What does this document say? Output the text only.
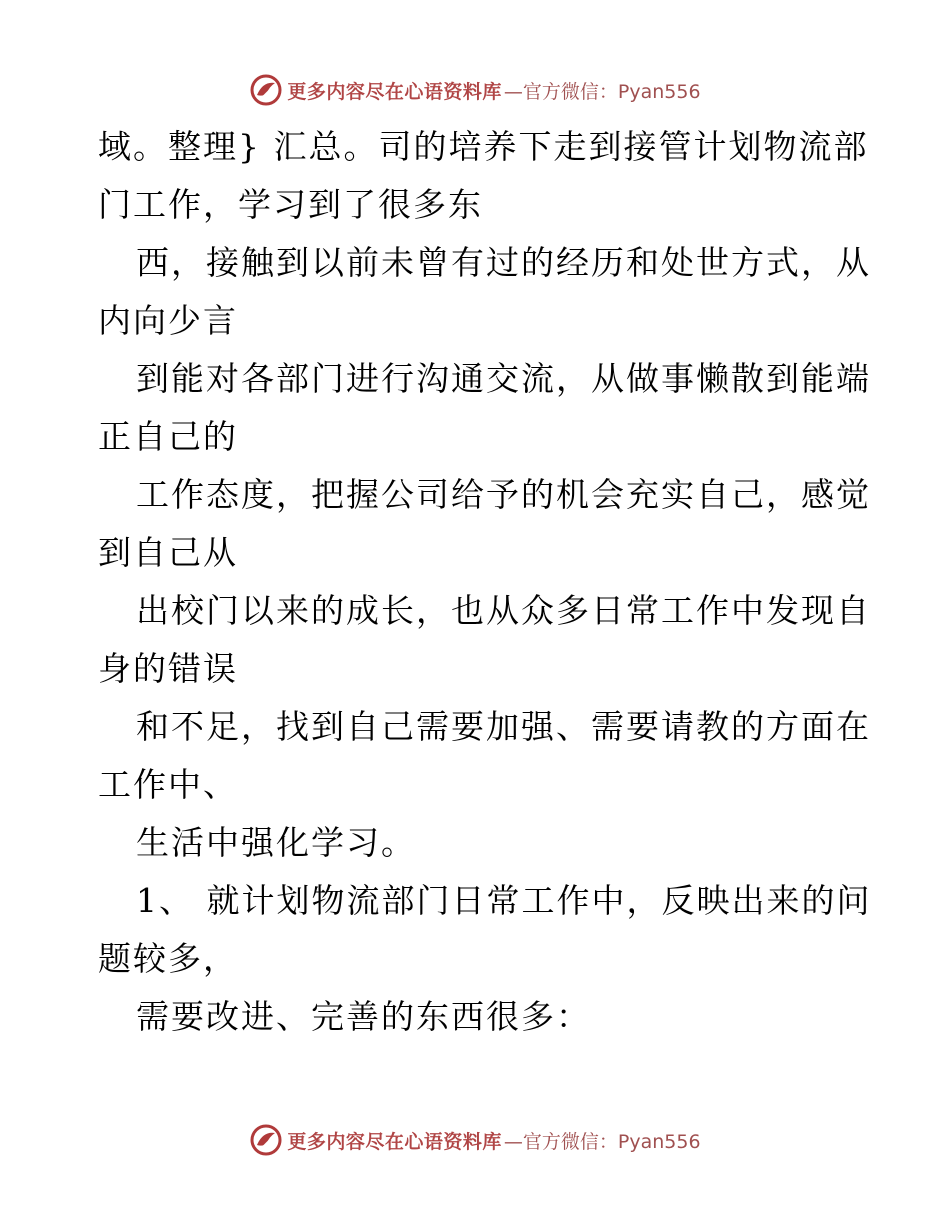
更多内容尽在心语资料库 —官方微信：Pyan556
域。整理} 汇总。司的培养下走到接管计划物流部
门工作，学习到了很多东
西，接触到以前未曾有过的经历和处世方式，从
内向少言
到能对各部门进行沟通交流，从做事懒散到能端
正自己的
工作态度，把握公司给予的机会充实自己，感觉
到自己从
出校门以来的成长，也从众多日常工作中发现自
身的错误
和不足，找到自己需要加强、需要请教的方面在
工作中、
生活中强化学习。
1、 就计划物流部门日常工作中，反映出来的问
题较多，
需要改进、完善的东西很多：
更多内容尽在心语资料库 —官方微信：Pyan556
